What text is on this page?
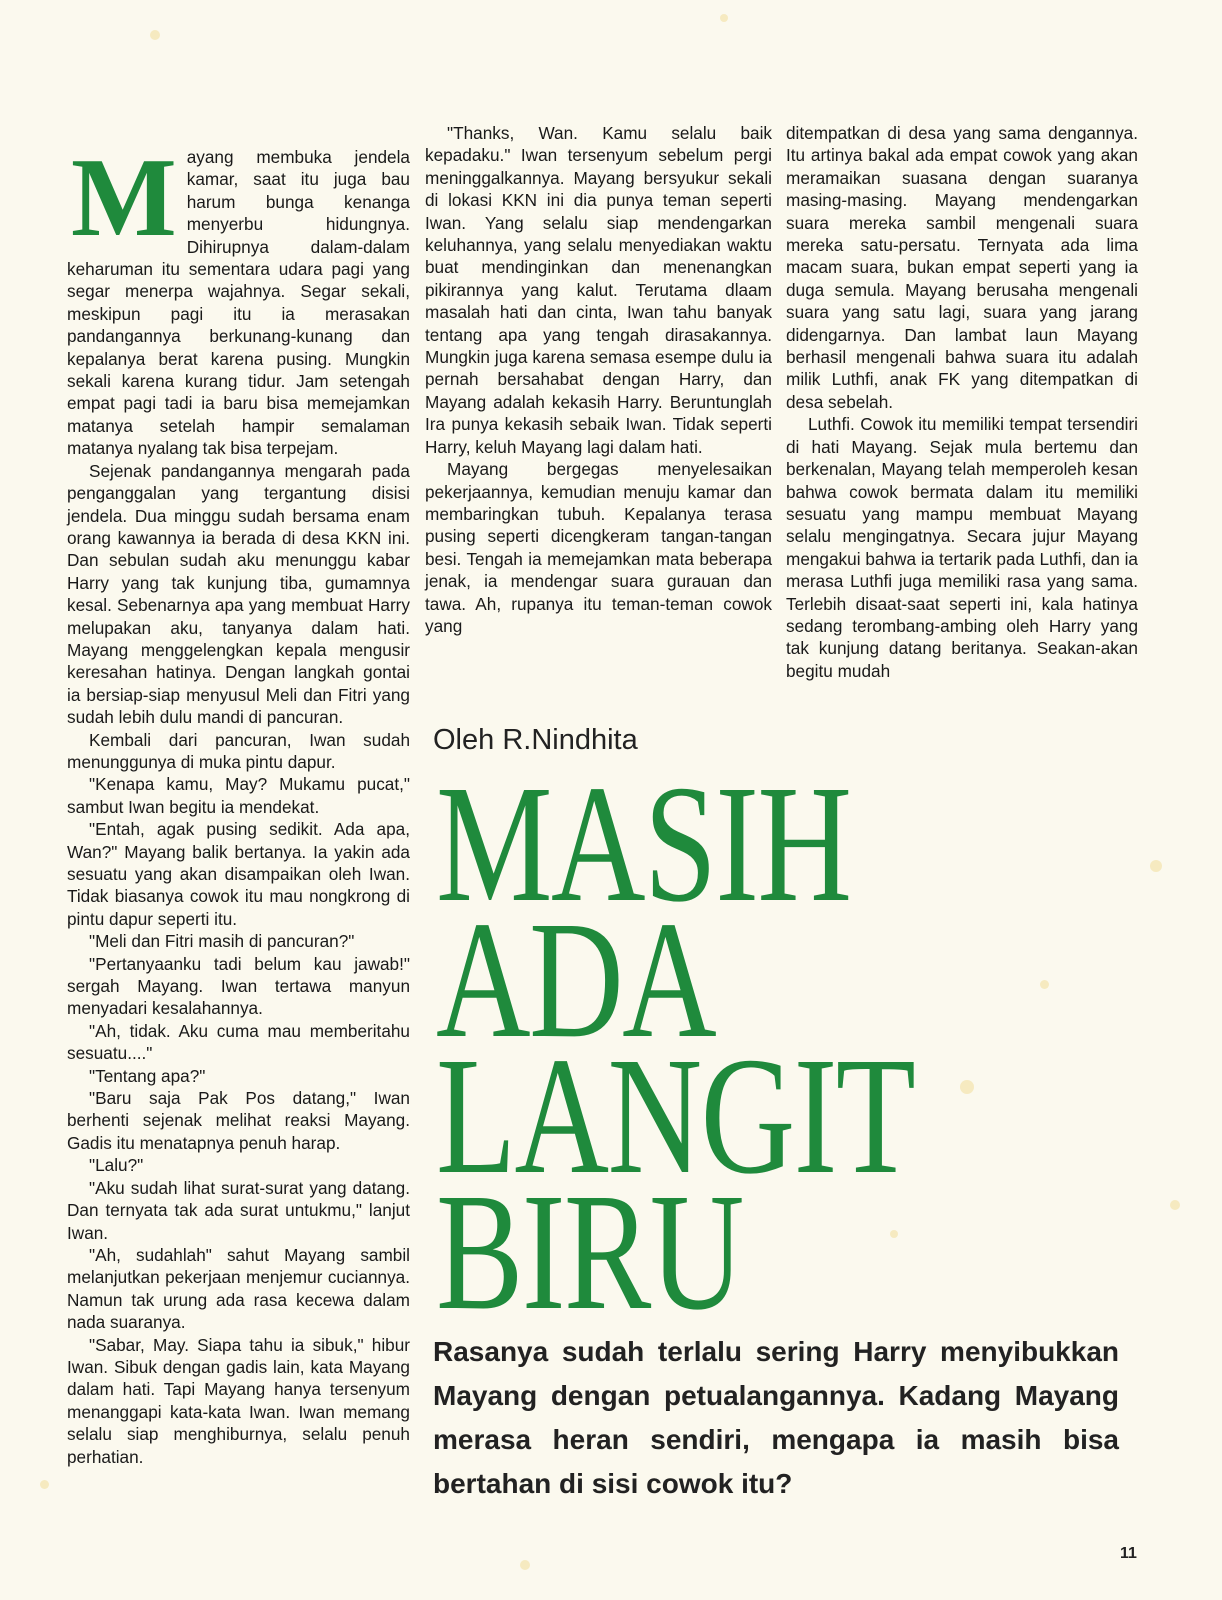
M ayang membuka jendela kamar, saat itu juga bau harum bunga kenanga menyerbu hidungnya. Dihirupnya dalam-dalam keharuman itu sementara udara pagi yang segar menerpa wajahnya. Segar sekali, meskipun pagi itu ia merasakan pandangannya berkunang-kunang dan kepalanya berat karena pusing. Mungkin sekali karena kurang tidur. Jam setengah empat pagi tadi ia baru bisa memejamkan matanya setelah hampir semalaman matanya nyalang tak bisa terpejam.

Sejenak pandangannya mengarah pada penganggalan yang tergantung disisi jendela. Dua minggu sudah bersama enam orang kawannya ia berada di desa KKN ini. Dan sebulan sudah aku menunggu kabar Harry yang tak kunjung tiba, gumamnya kesal. Sebenarnya apa yang membuat Harry melupakan aku, tanyanya dalam hati. Mayang menggelengkan kepala mengusir keresahan hatinya. Dengan langkah gontai ia bersiap-siap menyusul Meli dan Fitri yang sudah lebih dulu mandi di pancuran.

Kembali dari pancuran, Iwan sudah menunggunya di muka pintu dapur.

"Kenapa kamu, May? Mukamu pucat," sambut Iwan begitu ia mendekat.

"Entah, agak pusing sedikit. Ada apa, Wan?" Mayang balik bertanya. Ia yakin ada sesuatu yang akan disampaikan oleh Iwan. Tidak biasanya cowok itu mau nongkrong di pintu dapur seperti itu.

"Meli dan Fitri masih di pancuran?"

"Pertanyaanku tadi belum kau jawab!" sergah Mayang. Iwan tertawa manyun menyadari kesalahannya.

"Ah, tidak. Aku cuma mau memberitahu sesuatu...."

"Tentang apa?"

"Baru saja Pak Pos datang," Iwan berhenti sejenak melihat reaksi Mayang. Gadis itu menatapnya penuh harap.

"Lalu?"

"Aku sudah lihat surat-surat yang datang. Dan ternyata tak ada surat untukmu," lanjut Iwan.

"Ah, sudahlah" sahut Mayang sambil melanjutkan pekerjaan menjemur cuciannya. Namun tak urung ada rasa kecewa dalam nada suaranya.

"Sabar, May. Siapa tahu ia sibuk," hibur Iwan. Sibuk dengan gadis lain, kata Mayang dalam hati. Tapi Mayang hanya tersenyum menanggapi kata-kata Iwan. Iwan memang selalu siap menghiburnya, selalu penuh perhatian.

"Thanks, Wan. Kamu selalu baik kepadaku." Iwan tersenyum sebelum pergi meninggalkannya. Mayang bersyukur sekali di lokasi KKN ini dia punya teman seperti Iwan. Yang selalu siap mendengarkan keluhannya, yang selalu menyediakan waktu buat mendinginkan dan menenangkan pikirannya yang kalut. Terutama dlaam masalah hati dan cinta, Iwan tahu banyak tentang apa yang tengah dirasakannya. Mungkin juga karena semasa esempe dulu ia pernah bersahabat dengan Harry, dan Mayang adalah kekasih Harry. Beruntunglah Ira punya kekasih sebaik Iwan. Tidak seperti Harry, keluh Mayang lagi dalam hati.

Mayang bergegas menyelesaikan pekerjaannya, kemudian menuju kamar dan membaringkan tubuh. Kepalanya terasa pusing seperti dicengkeram tangan-tangan besi. Tengah ia memejamkan mata beberapa jenak, ia mendengar suara gurauan dan tawa. Ah, rupanya itu teman-teman cowok yang

ditempatkan di desa yang sama dengannya. Itu artinya bakal ada empat cowok yang akan meramaikan suasana dengan suaranya masing-masing. Mayang mendengarkan suara mereka sambil mengenali suara mereka satu-persatu. Ternyata ada lima macam suara, bukan empat seperti yang ia duga semula. Mayang berusaha mengenali suara yang satu lagi, suara yang jarang didengarnya. Dan lambat laun Mayang berhasil mengenali bahwa suara itu adalah milik Luthfi, anak FK yang ditempatkan di desa sebelah.

Luthfi. Cowok itu memiliki tempat tersendiri di hati Mayang. Sejak mula bertemu dan berkenalan, Mayang telah memperoleh kesan bahwa cowok bermata dalam itu memiliki sesuatu yang mampu membuat Mayang selalu mengingatnya. Secara jujur Mayang mengakui bahwa ia tertarik pada Luthfi, dan ia merasa Luthfi juga memiliki rasa yang sama. Terlebih disaat-saat seperti ini, kala hatinya sedang terombang-ambing oleh Harry yang tak kunjung datang beritanya. Seakan-akan begitu mudah

Oleh R.Nindhita
MASIH
ADA
LANGIT
BIRU
Rasanya sudah terlalu sering Harry menyibukkan Mayang dengan petualangannya. Kadang Mayang merasa heran sendiri, mengapa ia masih bisa bertahan di sisi cowok itu?
11
